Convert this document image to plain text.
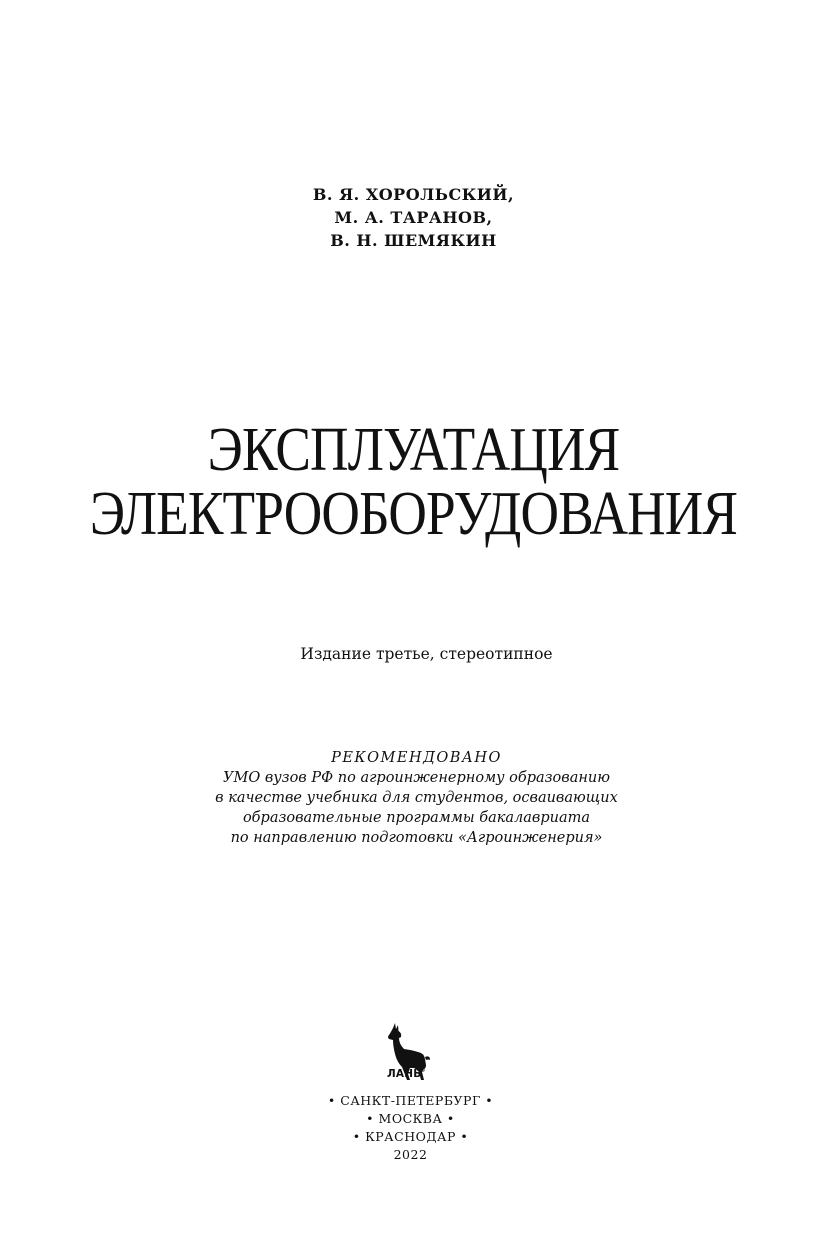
В. Я. ХОРОЛЬСКИЙ,
М. А. ТАРАНОВ,
В. Н. ШЕМЯКИН
ЭКСПЛУАТАЦИЯ
ЭЛЕКТРООБОРУДОВАНИЯ
Издание третье, стереотипное
РЕКОМЕНДОВАНО
УМО вузов РФ по агроинженерному образованию
в качестве учебника для студентов, осваивающих
образовательные программы бакалавриата
по направлению подготовки «Агроинженерия»
ЛАНЬ
®
• САНКТ-ПЕТЕРБУРГ •
• МОСКВА •
• КРАСНОДАР •
2022
